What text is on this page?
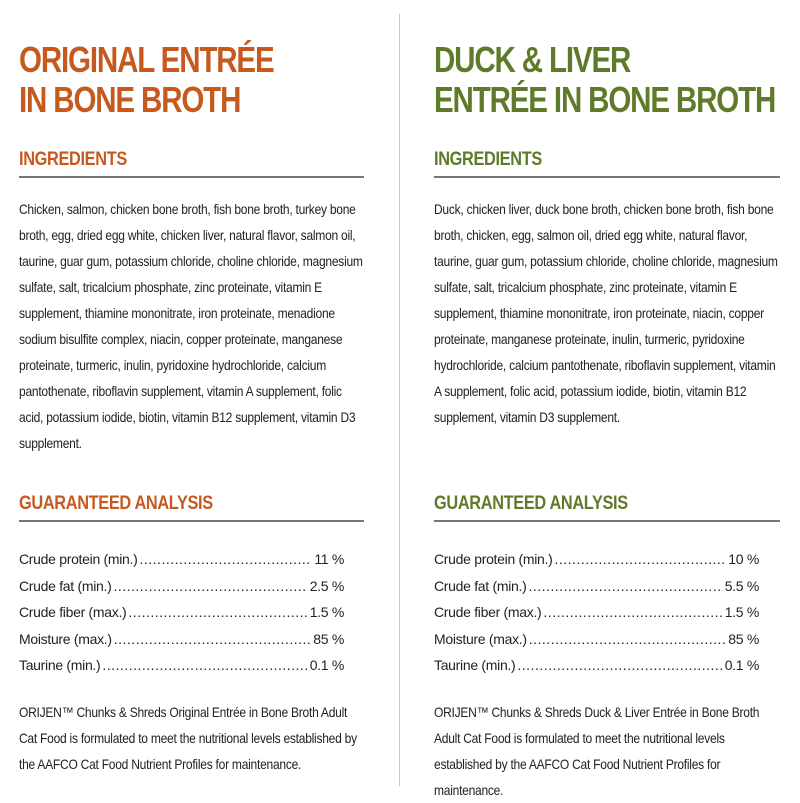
ORIGINAL ENTRÉE
IN BONE BROTH
INGREDIENTS
Chicken, salmon, chicken bone broth, fish bone broth, turkey bone broth, egg, dried egg white, chicken liver, natural flavor, salmon oil, taurine, guar gum, potassium chloride, choline chloride, magnesium sulfate, salt, tricalcium phosphate, zinc proteinate, vitamin E supplement, thiamine mononitrate, iron proteinate, menadione sodium bisulfite complex, niacin, copper proteinate, manganese proteinate, turmeric, inulin, pyridoxine hydrochloride, calcium pantothenate, riboflavin supplement, vitamin A supplement, folic acid, potassium iodide, biotin, vitamin B12 supplement, vitamin D3 supplement.
GUARANTEED ANALYSIS
Crude protein (min.) .....	11 %
Crude fat (min.) .....	2.5 %
Crude fiber (max.) .....	1.5 %
Moisture (max.) .....	85 %
Taurine (min.) .....	0.1 %
ORIJEN™ Chunks & Shreds Original Entrée in Bone Broth Adult Cat Food is formulated to meet the nutritional levels established by the AAFCO Cat Food Nutrient Profiles for maintenance.
DUCK & LIVER
ENTRÉE IN BONE BROTH
INGREDIENTS
Duck, chicken liver, duck bone broth, chicken bone broth, fish bone broth, chicken, egg, salmon oil, dried egg white, natural flavor, taurine, guar gum, potassium chloride, choline chloride, magnesium sulfate, salt, tricalcium phosphate, zinc proteinate, vitamin E supplement, thiamine mononitrate, iron proteinate, niacin, copper proteinate, manganese proteinate, inulin, turmeric, pyridoxine hydrochloride, calcium pantothenate, riboflavin supplement, vitamin A supplement, folic acid, potassium iodide, biotin, vitamin B12 supplement, vitamin D3 supplement.
GUARANTEED ANALYSIS
Crude protein (min.) .....	10 %
Crude fat (min.) .....	5.5 %
Crude fiber (max.) .....	1.5 %
Moisture (max.) .....	85 %
Taurine (min.) .....	0.1 %
ORIJEN™ Chunks & Shreds Duck & Liver Entrée in Bone Broth Adult Cat Food is formulated to meet the nutritional levels established by the AAFCO Cat Food Nutrient Profiles for maintenance.
